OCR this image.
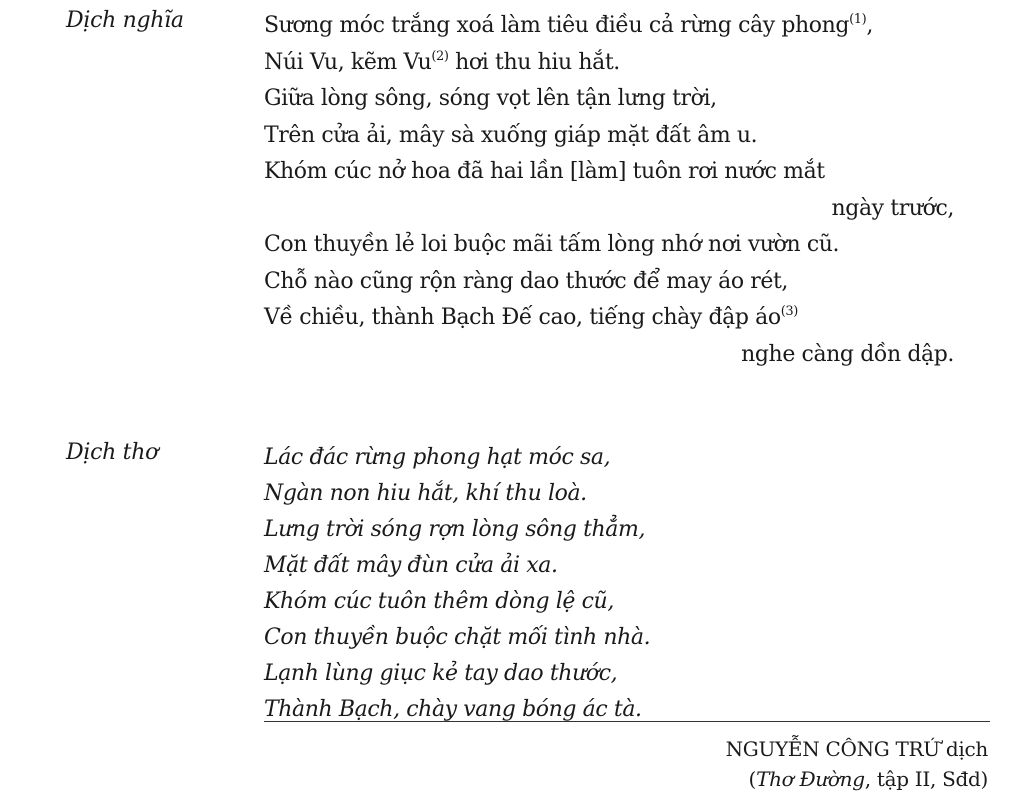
Dịch nghĩa	Sương móc trắng xoá làm tiêu điều cả rừng cây phong$^{(1)}$,
Núi Vu, kẽm Vu$^{(2)}$ hơi thu hiu hắt.
Giữa lòng sông, sóng vọt lên tận lưng trời,
Trên cửa ải, mây sà xuống giáp mặt đất âm u.
Khóm cúc nở hoa đã hai lần [làm] tuôn rơi nước mắt
ngày trước,
Con thuyền lẻ loi buộc mãi tấm lòng nhớ nơi vườn cũ.
Chỗ nào cũng rộn ràng dao thước để may áo rét,
Về chiều, thành Bạch Đế cao, tiếng chày đập $áo^{(3)}$
nghe càng dồn dập.
Dịch thơ	Lác đác rừng phong hạt móc sa,
Ngàn non hiu hắt, khí thu loà.
Lưng trời sóng rợn lòng sông thẳm,
Mặt đất mây đùn cửa ải xa.
Khóm cúc tuôn thêm dòng lệ cũ,
Con thuyền buộc chặt mối tình nhà.
Lạnh lùng giục kẻ tay dao thước,
Thành Bạch, chày vang bóng ác tà.
NGUYỄN CÔNG TRỨ dịch
(Thơ Đường, tập II, Sđd)
